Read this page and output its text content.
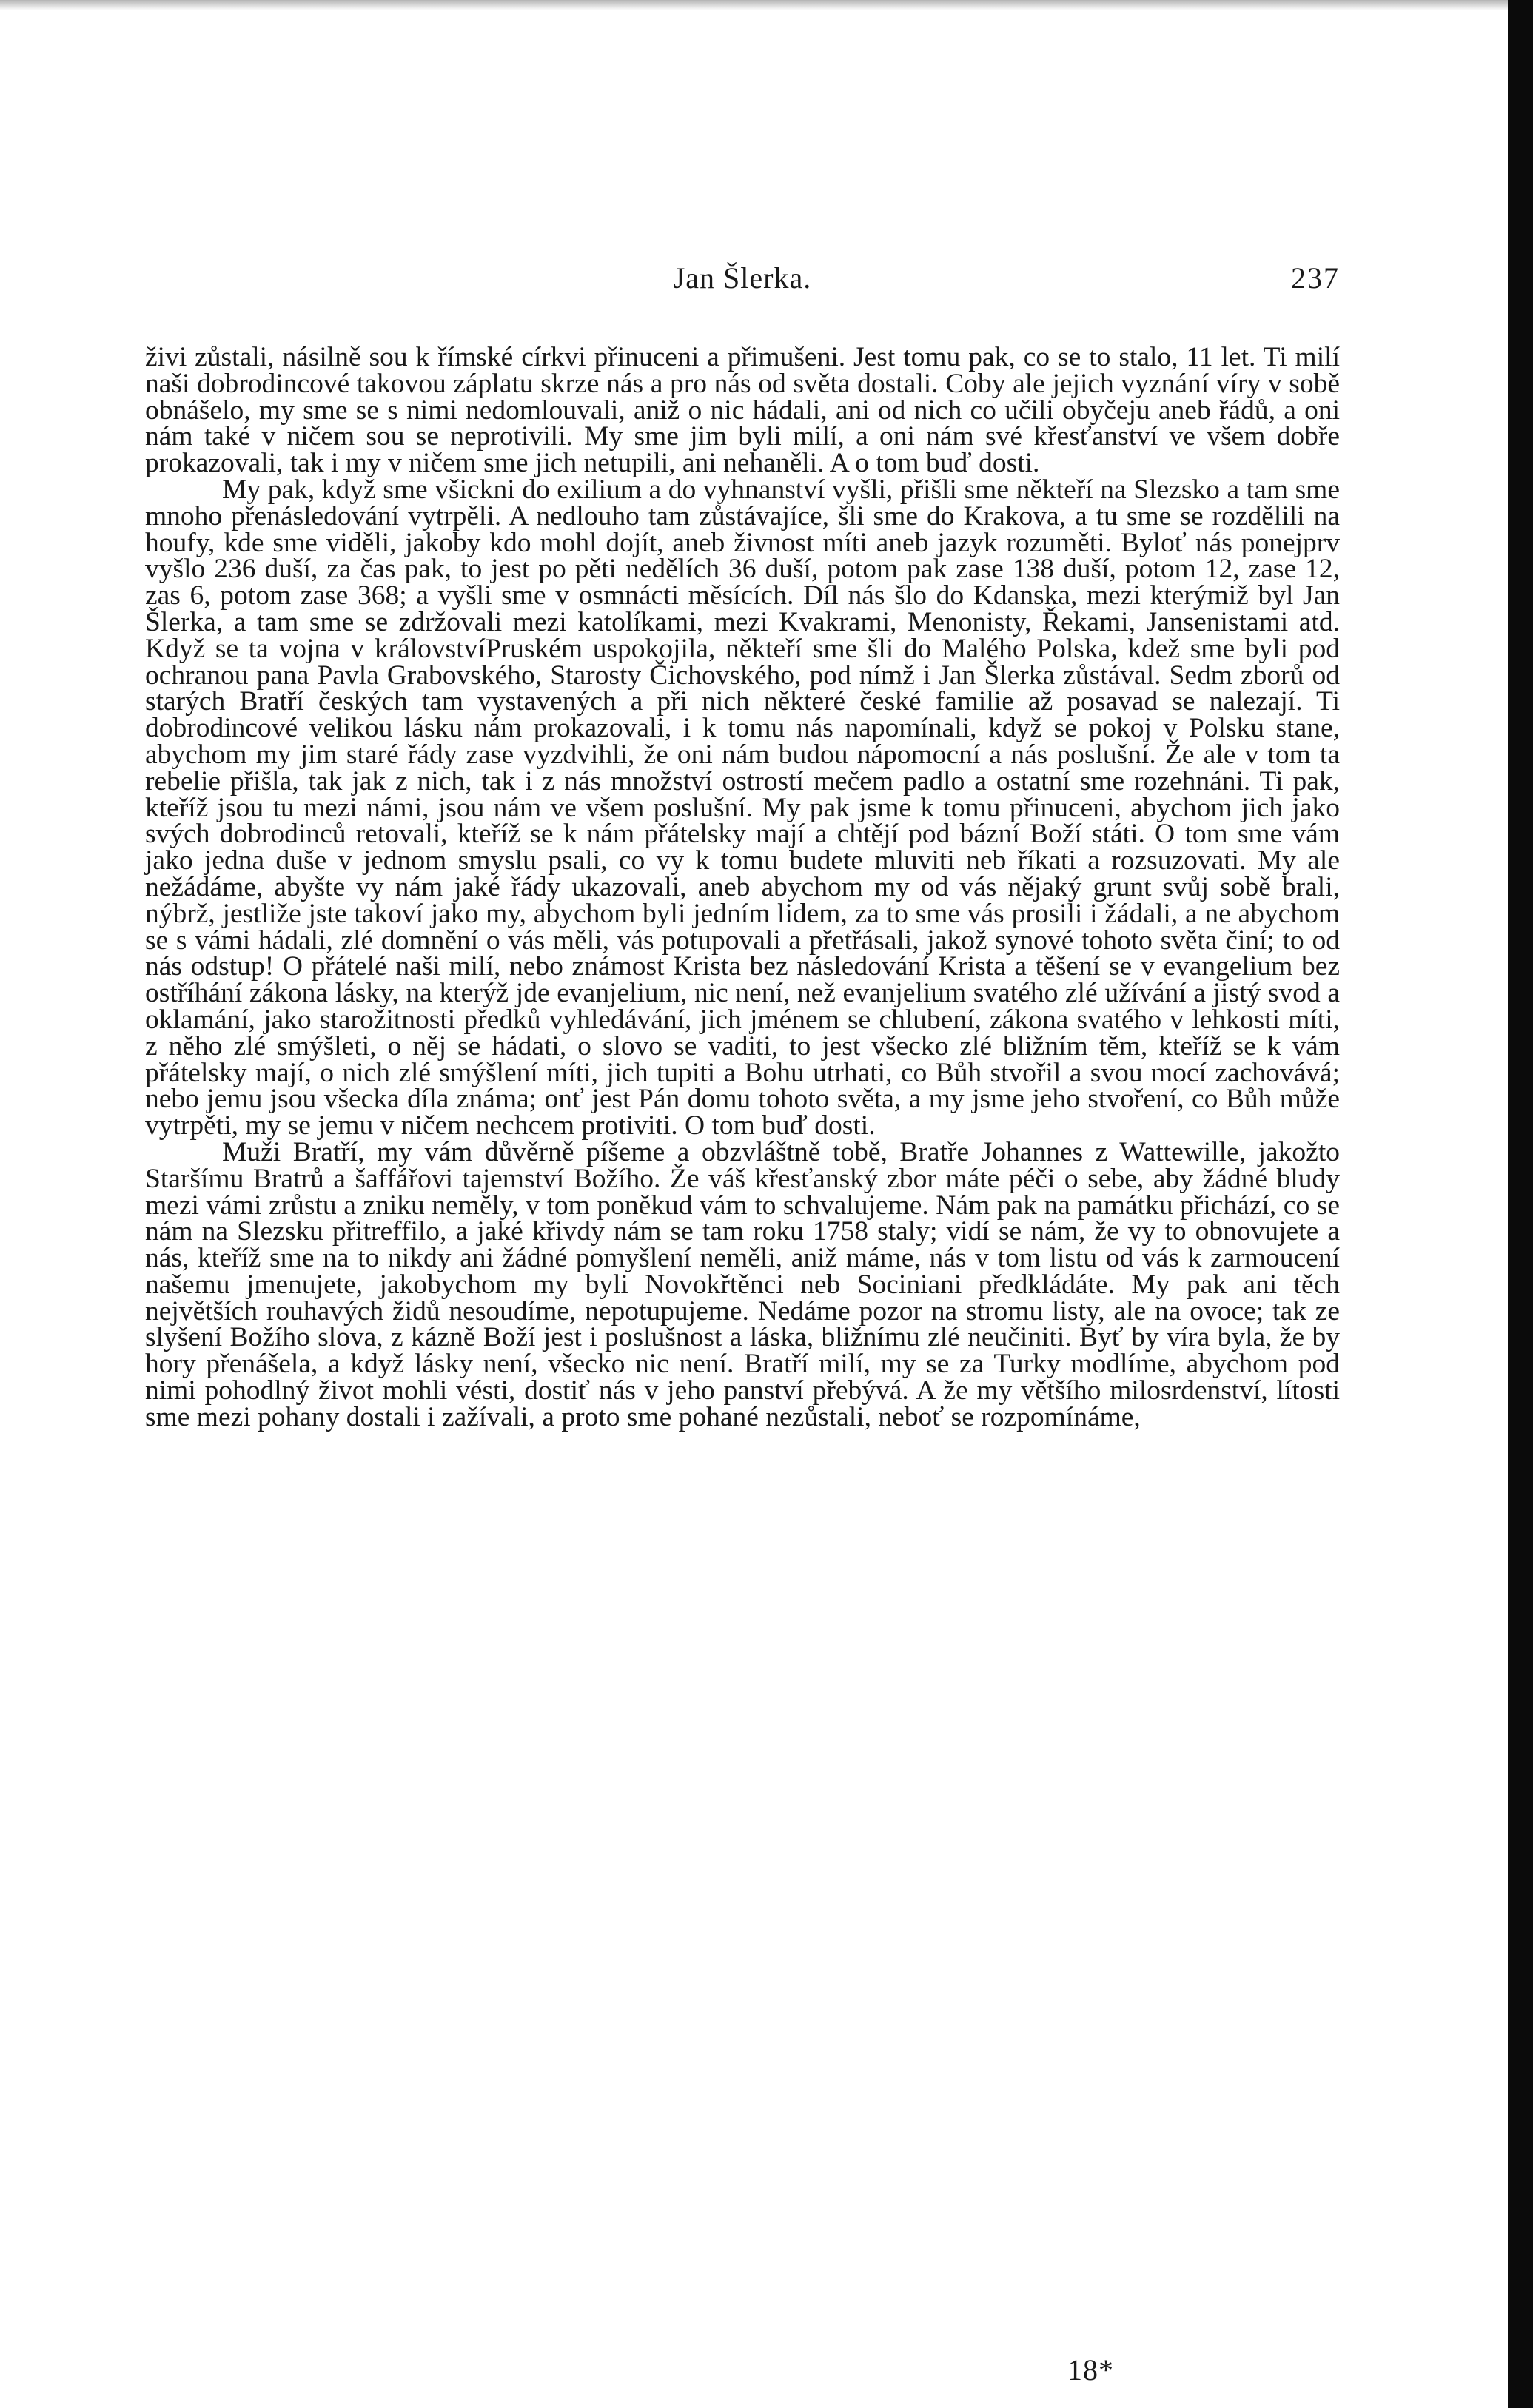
Jan Šlerka.	237

živi zůstali, násilně sou k římské církvi přinuceni a přimušeni. Jest tomu pak, co se to stalo, 11 let. Ti milí naši dobrodincové takovou záplatu skrze nás a pro nás od světa dostali. Coby ale jejich vyznání víry v sobě obnášelo, my sme se s nimi nedomlouvali, aniž o nic hádali, ani od nich co učili obyčeju aneb řádů, a oni nám také v ničem sou se neprotivili. My sme jim byli milí, a oni nám své křesťanství ve všem dobře prokazovali, tak i my v ničem sme jich netupili, ani nehaněli. A o tom buď dosti.

My pak, když sme všickni do exilium a do vyhnanství vyšli, přišli sme někteří na Slezsko a tam sme mnoho přenásledování vytrpěli. A nedlouho tam zůstávajíce, šli sme do Krakova, a tu sme se rozdělili na houfy, kde sme viděli, jakoby kdo mohl dojít, aneb živnost míti aneb jazyk rozuměti. Byloť nás ponejprv vyšlo 236 duší, za čas pak, to jest po pěti nedělích 36 duší, potom pak zase 138 duší, potom 12, zase 12, zas 6, potom zase 368; a vyšli sme v osmnácti měsících. Díl nás šlo do Kdanska, mezi kterýmiž byl Jan Šlerka, a tam sme se zdržovali mezi katolíkami, mezi Kvakrami, Menonisty, Řekami, Jansenistami atd. Když se ta vojna v královstvíPruském uspokojila, někteří sme šli do Malého Polska, kdež sme byli pod ochranou pana Pavla Grabovského, Starosty Čichovského, pod nímž i Jan Šlerka zůstával. Sedm zborů od starých Bratří českých tam vystavených a při nich některé české familie až posavad se nalezají. Ti dobrodincové velikou lásku nám prokazovali, i k tomu nás napomínali, když se pokoj v Polsku stane, abychom my jim staré řády zase vyzdvihli, že oni nám budou nápomocní a nás poslušní. Že ale v tom ta rebelie přišla, tak jak z nich, tak i z nás množství ostrostí mečem padlo a ostatní sme rozehnáni. Ti pak, kteříž jsou tu mezi námi, jsou nám ve všem poslušní. My pak jsme k tomu přinuceni, abychom jich jako svých dobrodinců retovali, kteříž se k nám přátelsky mají a chtějí pod bázní Boží státi. O tom sme vám jako jedna duše v jednom smyslu psali, co vy k tomu budete mluviti neb říkati a rozsuzovati. My ale nežádáme, abyšte vy nám jaké řády ukazovali, aneb abychom my od vás nějaký grunt svůj sobě brali, nýbrž, jestliže jste takoví jako my, abychom byli jedním lidem, za to sme vás prosili i žádali, a ne abychom se s vámi hádali, zlé domnění o vás měli, vás potupovali a přetřásali, jakož synové tohoto světa činí; to od nás odstup! O přátelé naši milí, nebo známost Krista bez následování Krista a těšení se v evangelium bez ostříhání zákona lásky, na kterýž jde evanjelium, nic není, než evanjelium svatého zlé užívání a jistý svod a oklamání, jako starožitnosti předků vyhledávání, jich jménem se chlubení, zákona svatého v lehkosti míti, z něho zlé smýšleti, o něj se hádati, o slovo se vaditi, to jest všecko zlé bližním těm, kteříž se k vám přátelsky mají, o nich zlé smýšlení míti, jich tupiti a Bohu utrhati, co Bůh stvořil a svou mocí zachovává; nebo jemu jsou všecka díla známa; onť jest Pán domu tohoto světa, a my jsme jeho stvoření, co Bůh může vytrpěti, my se jemu v ničem nechcem protiviti. O tom buď dosti.

Muži Bratří, my vám důvěrně píšeme a obzvláštně tobě, Bratře Johannes z Wattewille, jakožto Staršímu Bratrů a šaffářovi tajemství Božího. Že váš křesťanský zbor máte péči o sebe, aby žádné bludy mezi vámi zrůstu a zniku neměly, v tom poněkud vám to schvalujeme. Nám pak na památku přichází, co se nám na Slezsku přitreffilo, a jaké křivdy nám se tam roku 1758 staly; vidí se nám, že vy to obnovujete a nás, kteříž sme na to nikdy ani žádné pomyšlení neměli, aniž máme, nás v tom listu od vás k zarmoucení našemu jmenujete, jakobychom my byli Novokřtěnci neb Sociniani předkládáte. My pak ani těch největších rouhavých židů nesoudíme, nepotupujeme. Nedáme pozor na stromu listy, ale na ovoce; tak ze slyšení Božího slova, z kázně Boží jest i poslušnost a láska, bližnímu zlé neučiniti. Byť by víra byla, že by hory přenášela, a když lásky není, všecko nic není. Bratří milí, my se za Turky modlíme, abychom pod nimi pohodlný život mohli vésti, dostiť nás v jeho panství přebývá. A že my většího milosrdenství, lítosti sme mezi pohany dostali i zažívali, a proto sme pohané nezůstali, neboť se rozpomínáme,

18*
